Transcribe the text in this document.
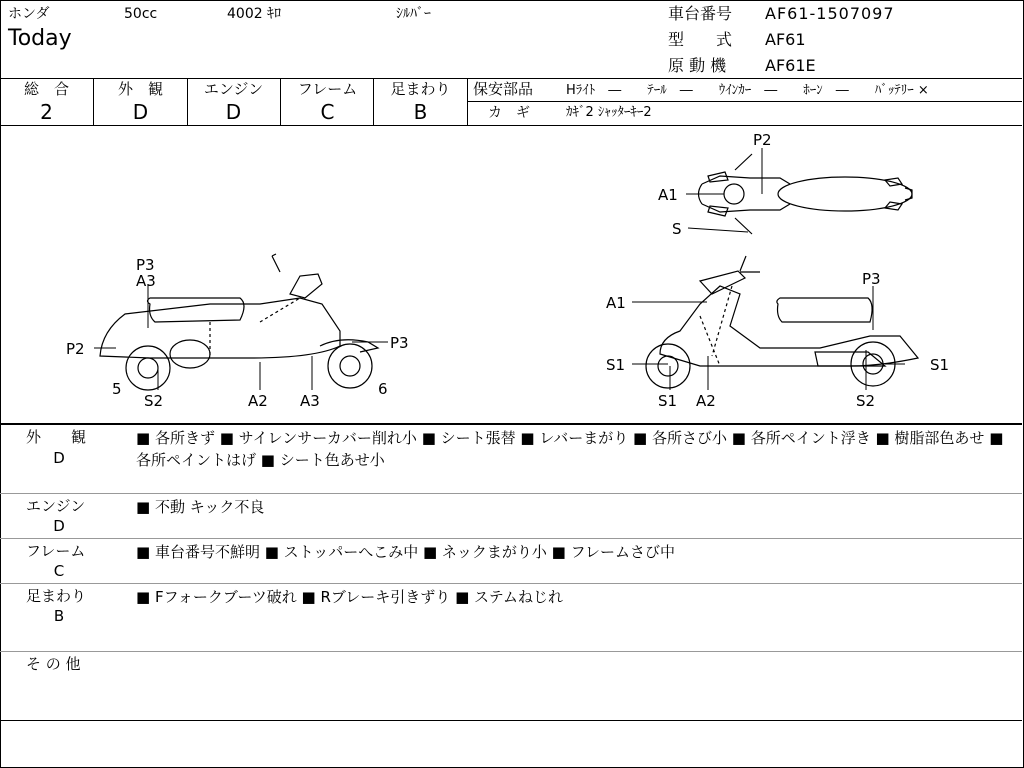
ホンダ	50cc	4002 ｷﾛ	ｼﾙﾊﾞｰ
Today
車台番号 AF61-1507097
型　　式 AF61
原 動 機 AF61E
総　合
2
外　観
D
エンジン
D
フレーム
C
足まわり
B
保安部品	Hﾗｲﾄ　―　　ﾃｰﾙ　―　　ｳｲﾝｶｰ　―　　ﾎｰﾝ　―　　ﾊﾞｯﾃﾘｰ ×
カ　ギ	ｶｷﾞ2 ｼｬｯﾀｰｷｰ2
P3
A3
P2	P3
5
S2	A2 A3
6
A1
P3
S1
S1 A2	S2
S1
P2
A1
S
外　　観
D
■ 各所きず ■ サイレンサーカバー削れ小 ■ シート張替 ■ レバーまがり ■ 各所さび小 ■ 各所ペイント浮き ■ 樹脂部色あせ ■ 各所ペイントはげ ■ シート色あせ小
エンジン
D
■ 不動 キック不良
フレーム
C
■ 車台番号不鮮明 ■ ストッパーへこみ中 ■ ネックまがり小 ■ フレームさび中
足まわり
B
■ Fフォークブーツ破れ ■ Rブレーキ引きずり ■ ステムねじれ
そ の 他
